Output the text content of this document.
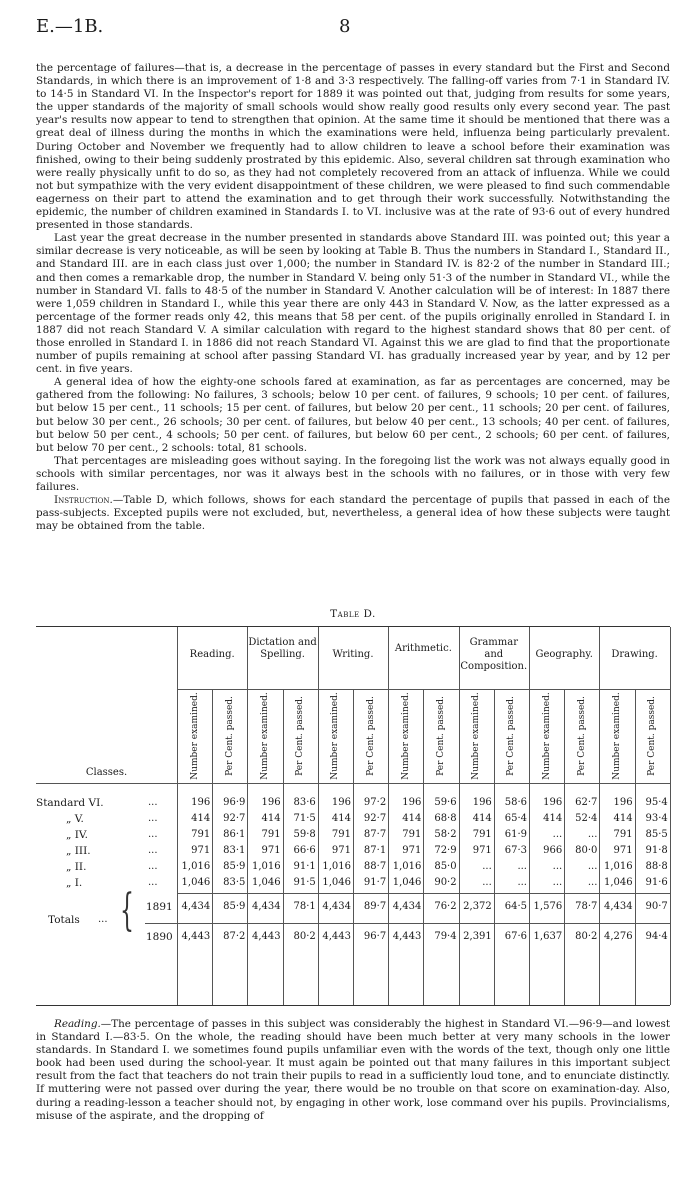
E.—1B.	8

the percentage of failures—that is, a decrease in the percentage of passes in every standard but the First and Second Standards, in which there is an improvement of 1·8 and 3·3 respectively. The falling-off varies from 7·1 in Standard IV. to 14·5 in Standard VI. In the Inspector's report for 1889 it was pointed out that, judging from results for some years, the upper standards of the majority of small schools would show really good results only every second year. The past year's results now appear to tend to strengthen that opinion. At the same time it should be mentioned that there was a great deal of illness during the months in which the examinations were held, influenza being particularly prevalent. During October and November we frequently had to allow children to leave a school before their examination was finished, owing to their being suddenly prostrated by this epidemic. Also, several children sat through examination who were really physically unfit to do so, as they had not completely recovered from an attack of influenza. While we could not but sympathize with the very evident disappointment of these children, we were pleased to find such commendable eagerness on their part to attend the examination and to get through their work successfully. Notwithstanding the epidemic, the number of children examined in Standards I. to VI. inclusive was at the rate of 93·6 out of every hundred presented in those standards.

Last year the great decrease in the number presented in standards above Standard III. was pointed out; this year a similar decrease is very noticeable, as will be seen by looking at Table B. Thus the numbers in Standard I., Standard II., and Standard III. are in each class just over 1,000; the number in Standard IV. is 82·2 of the number in Standard III.; and then comes a remarkable drop, the number in Standard V. being only 51·3 of the number in Standard VI., while the number in Standard VI. falls to 48·5 of the number in Standard V. Another calculation will be of interest: In 1887 there were 1,059 children in Standard I., while this year there are only 443 in Standard V. Now, as the latter expressed as a percentage of the former reads only 42, this means that 58 per cent. of the pupils originally enrolled in Standard I. in 1887 did not reach Standard V. A similar calculation with regard to the highest standard shows that 80 per cent. of those enrolled in Standard I. in 1886 did not reach Standard VI. Against this we are glad to find that the proportionate number of pupils remaining at school after passing Standard VI. has gradually increased year by year, and by 12 per cent. in five years.

A general idea of how the eighty-one schools fared at examination, as far as percentages are concerned, may be gathered from the following: No failures, 3 schools; below 10 per cent. of failures, 9 schools; 10 per cent. of failures, but below 15 per cent., 11 schools; 15 per cent. of failures, but below 20 per cent., 11 schools; 20 per cent. of failures, but below 30 per cent., 26 schools; 30 per cent. of failures, but below 40 per cent., 13 schools; 40 per cent. of failures, but below 50 per cent., 4 schools; 50 per cent. of failures, but below 60 per cent., 2 schools; 60 per cent. of failures, but below 70 per cent., 2 schools: total, 81 schools.

That percentages are misleading goes without saying. In the foregoing list the work was not always equally good in schools with similar percentages, nor was it always best in the schools with no failures, or in those with very few failures.

Instruction.—Table D, which follows, shows for each standard the percentage of pupils that passed in each of the pass-subjects. Excepted pupils were not excluded, but, nevertheless, a general idea of how these subjects were taught may be obtained from the table.

Table D.
Classes.
Reading.
Dictation and Spelling.	Writing.
Arithmetic.
Grammar and Composition.
Geography.	Drawing.
Number examined.	Per Cent. passed.	Number examined.	Per Cent. passed.	Number examined.	Per Cent. passed.	Number examined.	Per Cent. passed.	Number examined.	Per Cent. passed.	Number examined.	Per Cent. passed.	Number examined.	Per Cent. passed.
Standard VI.	...	196	96·9	196	83·6	196	97·2	196	59·6	196	58·6	196	62·7	196	95·4
„ V.	...	414	92·7	414	71·5	414	92·7	414	68·8	414	65·4	414	52·4	414	93·4
„ IV.	...	791	86·1	791	59·8	791	87·7	791	58·2	791	61·9	...	...	791	85·5
„ III.	...	971	83·1	971	66·6	971	87·1	971	72·9	971	67·3	966	80·0	971	91·8
„ II.	...	1,016	85·9 1,016	91·1 1,016	88·7 1,016	85·0	...	...	...	... 1,016	88·8
„ I.	...	1,046	83·5 1,046	91·5 1,046	91·7 1,046	90·2	...	...	...	... 1,046	91·6
Totals ... { 1891 4,434	85·9 4,434	78·1 4,434	89·7 4,434	76·2 2,372	64·5 1,576	78·7 4,434	90·7
1890 4,443	87·2 4,443	80·2 4,443	96·7 4,443	79·4 2,391	67·6 1,637	80·2 4,276	94·4

Reading.—The percentage of passes in this subject was considerably the highest in Standard VI.—96·9—and lowest in Standard I.—83·5. On the whole, the reading should have been much better at very many schools in the lower standards. In Standard I. we sometimes found pupils unfamiliar even with the words of the text, though only one little book had been used during the school-year. It must again be pointed out that many failures in this important subject result from the fact that teachers do not train their pupils to read in a sufficiently loud tone, and to enunciate distinctly. If muttering were not passed over during the year, there would be no trouble on that score on examination-day. Also, during a reading-lesson a teacher should not, by engaging in other work, lose command over his pupils. Provincialisms, misuse of the aspirate, and the dropping of
